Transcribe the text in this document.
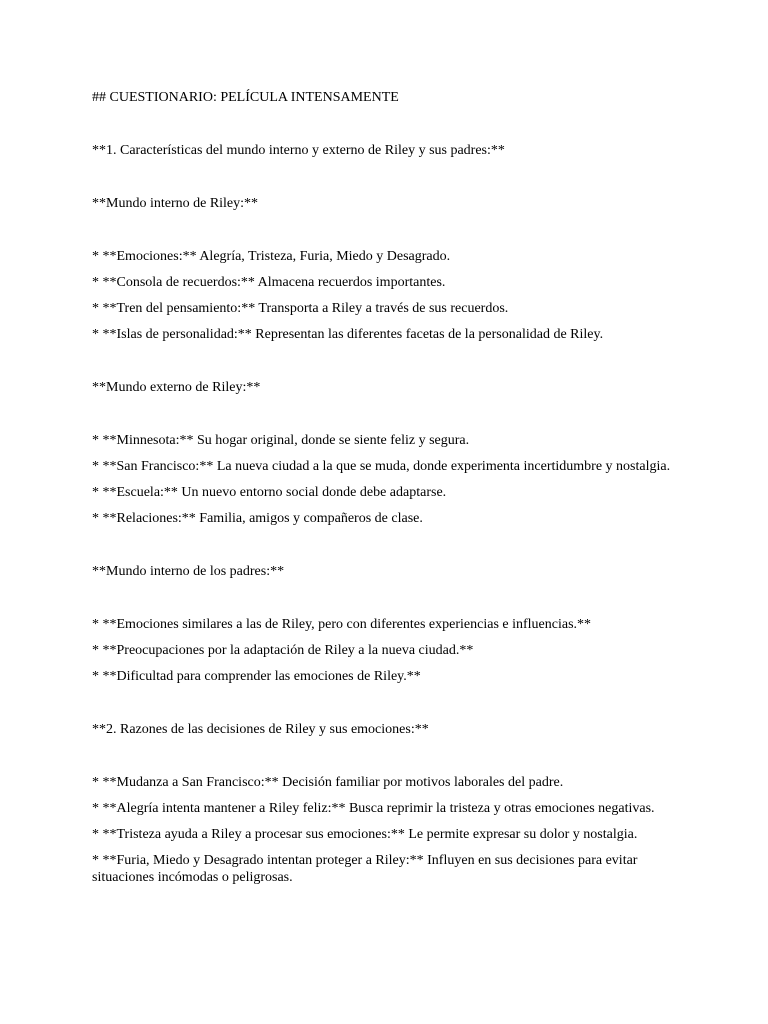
## CUESTIONARIO: PELÍCULA INTENSAMENTE

**1. Características del mundo interno y externo de Riley y sus padres:**

**Mundo interno de Riley:**

* **Emociones:** Alegría, Tristeza, Furia, Miedo y Desagrado.

* **Consola de recuerdos:** Almacena recuerdos importantes.

* **Tren del pensamiento:** Transporta a Riley a través de sus recuerdos.

* **Islas de personalidad:** Representan las diferentes facetas de la personalidad de Riley.

**Mundo externo de Riley:**

* **Minnesota:** Su hogar original, donde se siente feliz y segura.

* **San Francisco:** La nueva ciudad a la que se muda, donde experimenta incertidumbre y nostalgia.

* **Escuela:** Un nuevo entorno social donde debe adaptarse.

* **Relaciones:** Familia, amigos y compañeros de clase.

**Mundo interno de los padres:**

* **Emociones similares a las de Riley, pero con diferentes experiencias e influencias.**

* **Preocupaciones por la adaptación de Riley a la nueva ciudad.**

* **Dificultad para comprender las emociones de Riley.**

**2. Razones de las decisiones de Riley y sus emociones:**

* **Mudanza a San Francisco:** Decisión familiar por motivos laborales del padre.

* **Alegría intenta mantener a Riley feliz:** Busca reprimir la tristeza y otras emociones negativas.

* **Tristeza ayuda a Riley a procesar sus emociones:** Le permite expresar su dolor y nostalgia.

* **Furia, Miedo y Desagrado intentan proteger a Riley:** Influyen en sus decisiones para evitar situaciones incómodas o peligrosas.
